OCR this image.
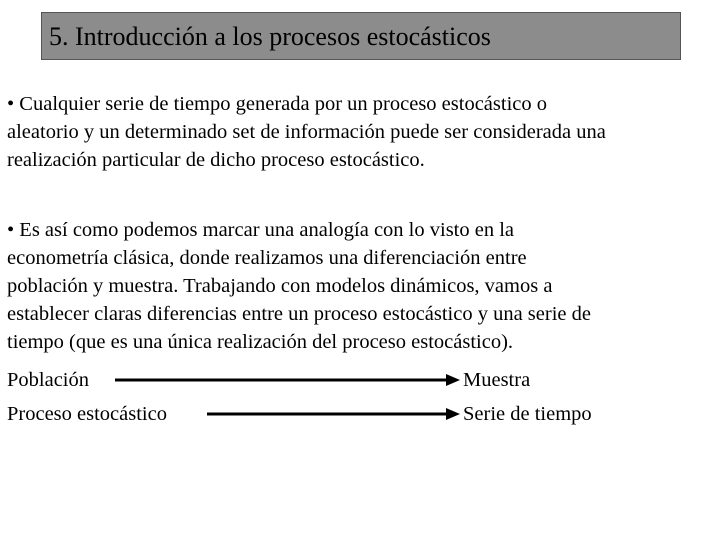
5. Introducción a los procesos estocásticos
• Cualquier serie de tiempo generada por un proceso estocástico o
aleatorio y un determinado set de información puede ser considerada una
realización particular de dicho proceso estocástico.
• Es así como podemos marcar una analogía con lo visto en la
econometría clásica, donde realizamos una diferenciación entre
población y muestra. Trabajando con modelos dinámicos, vamos a
establecer claras diferencias entre un proceso estocástico y una serie de
tiempo (que es una única realización del proceso estocástico).
Población	Muestra
Proceso estocástico	Serie de tiempo
